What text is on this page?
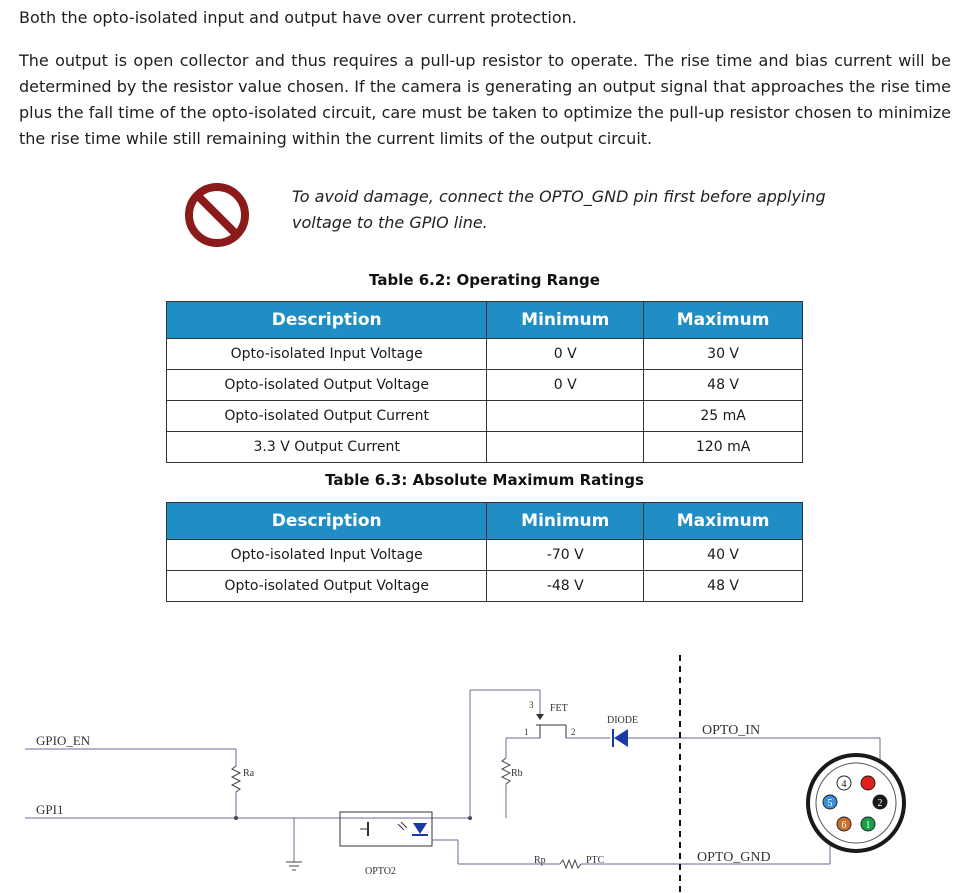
Both the opto-isolated input and output have over current protection.

The output is open collector and thus requires a pull-up resistor to operate. The rise time and bias current will be determined by the resistor value chosen. If the camera is generating an output signal that approaches the rise time plus the fall time of the opto-isolated circuit, care must be taken to optimize the pull-up resistor chosen to minimize the rise time while still remaining within the current limits of the output circuit.

To avoid damage, connect the OPTO_GND pin first before applying
voltage to the GPIO line.
Table 6.2: Operating Range
Description	Minimum	Maximum
Opto-isolated Input Voltage	0 V	30 V
Opto-isolated Output Voltage	0 V	48 V
Opto-isolated Output Current		25 mA
3.3 V Output Current		120 mA
Table 6.3: Absolute Maximum Ratings
Description	Minimum	Maximum
Opto-isolated Input Voltage	-70 V	40 V
Opto-isolated Output Voltage	-48 V	48 V
GPIO_EN
Ra
GPI1
OPTO2
Rp	PTC
3 FET
1	2
Rb
DIODE
OPTO_IN
OPTO_GND
4
5	2
6 1
